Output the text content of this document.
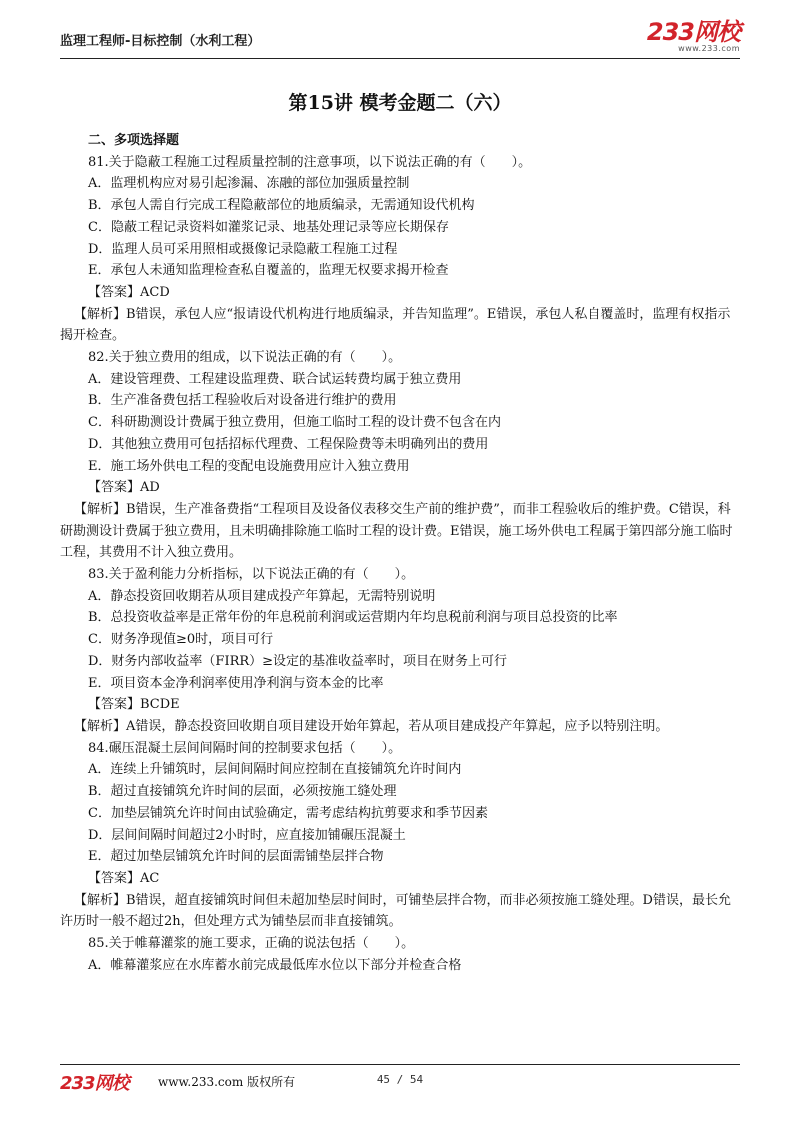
监理工程师-目标控制（水利工程）	233网校
www.233.com
第15讲 模考金题二（六）
二、多项选择题

81.关于隐蔽工程施工过程质量控制的注意事项，以下说法正确的有（　　）。

A．监理机构应对易引起渗漏、冻融的部位加强质量控制

B．承包人需自行完成工程隐蔽部位的地质编录，无需通知设代机构

C．隐蔽工程记录资料如灌浆记录、地基处理记录等应长期保存

D．监理人员可采用照相或摄像记录隐蔽工程施工过程

E．承包人未通知监理检查私自覆盖的，监理无权要求揭开检查

【答案】ACD

【解析】B错误，承包人应“报请设代机构进行地质编录，并告知监理”。E错误，承包人私自覆盖时，监理有权指示揭开检查。

82.关于独立费用的组成，以下说法正确的有（　　）。

A．建设管理费、工程建设监理费、联合试运转费均属于独立费用

B．生产准备费包括工程验收后对设备进行维护的费用

C．科研勘测设计费属于独立费用，但施工临时工程的设计费不包含在内

D．其他独立费用可包括招标代理费、工程保险费等未明确列出的费用

E．施工场外供电工程的变配电设施费用应计入独立费用

【答案】AD

【解析】B错误，生产准备费指“工程项目及设备仪表移交生产前的维护费”，而非工程验收后的维护费。C错误，科研勘测设计费属于独立费用，且未明确排除施工临时工程的设计费。E错误，施工场外供电工程属于第四部分施工临时工程，其费用不计入独立费用。

83.关于盈利能力分析指标，以下说法正确的有（　　）。

A．静态投资回收期若从项目建成投产年算起，无需特别说明

B．总投资收益率是正常年份的年息税前利润或运营期内年均息税前利润与项目总投资的比率

C．财务净现值≥0时，项目可行

D．财务内部收益率（FIRR）≥设定的基准收益率时，项目在财务上可行

E．项目资本金净利润率使用净利润与资本金的比率

【答案】BCDE

【解析】A错误，静态投资回收期自项目建设开始年算起，若从项目建成投产年算起，应予以特别注明。

84.碾压混凝土层间间隔时间的控制要求包括（　　）。

A．连续上升铺筑时，层间间隔时间应控制在直接铺筑允许时间内

B．超过直接铺筑允许时间的层面，必须按施工缝处理

C．加垫层铺筑允许时间由试验确定，需考虑结构抗剪要求和季节因素

D．层间间隔时间超过2小时时，应直接加铺碾压混凝土

E．超过加垫层铺筑允许时间的层面需铺垫层拌合物

【答案】AC

【解析】B错误，超直接铺筑时间但未超加垫层时间时，可铺垫层拌合物，而非必须按施工缝处理。D错误，最长允许历时一般不超过2h，但处理方式为铺垫层而非直接铺筑。

85.关于帷幕灌浆的施工要求，正确的说法包括（　　）。

A．帷幕灌浆应在水库蓄水前完成最低库水位以下部分并检查合格

233网校 www.233.com 版权所有	45 / 54
